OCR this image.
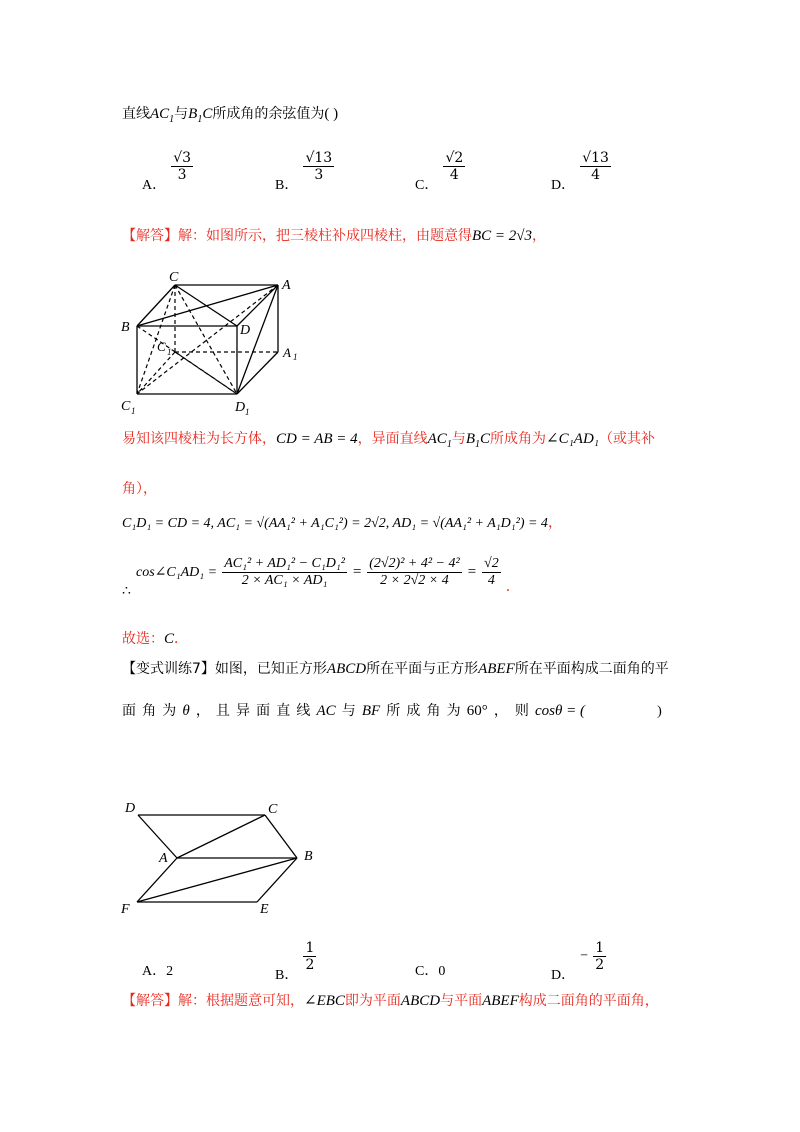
直线$AC_1$与$B_1C$所成角的余弦值为( )
A．
$\frac{√3}{3}$
B．
$\frac{√13}{3}$
C．
$\frac{√2}{4}$
D．
$\frac{√13}{4}$
【解答】解：如图所示，把三棱柱补成四棱柱，由题意得BC = 2√3，
C
A
B	D
C 1	A 1
C 1	D 1
易知该四棱柱为长方体，CD = AB = 4，异面直线$AC_1$与$B_1C$所成角为∠C₁AD₁（或其补
角），
C₁D₁ = CD = 4, AC₁ = √(AA₁² + A₁C₁²) = 2√2, AD₁ = √(AA₁² + A₁D₁²) = 4，
∴ cos∠C₁AD₁ = $\frac{\text{AC₁² + AD₁² − C₁D₁²}}{\text{2 × AC₁ × AD₁}} = \frac{\text{(2√2)² + 4² − 4²}}{2 \times 2√2 \times 4} = \frac{√2}{4}$ ．
故选：C．
【变式训练7】如图，已知正方形ABCD所在平面与正方形ABEF所在平面构成二面角的平
面 角 为 θ ， 且 异 面 直 线 AC 与 BF 所 成 角 为 60° ，　则 cosθ = (	)
D	C
A	B
F	E
A．2	B．
$\frac{1}{2}$	C．0	D． − $\frac{1}{2}$
【解答】解：根据题意可知，∠EBC即为平面ABCD与平面ABEF构成二面角的平面角，
